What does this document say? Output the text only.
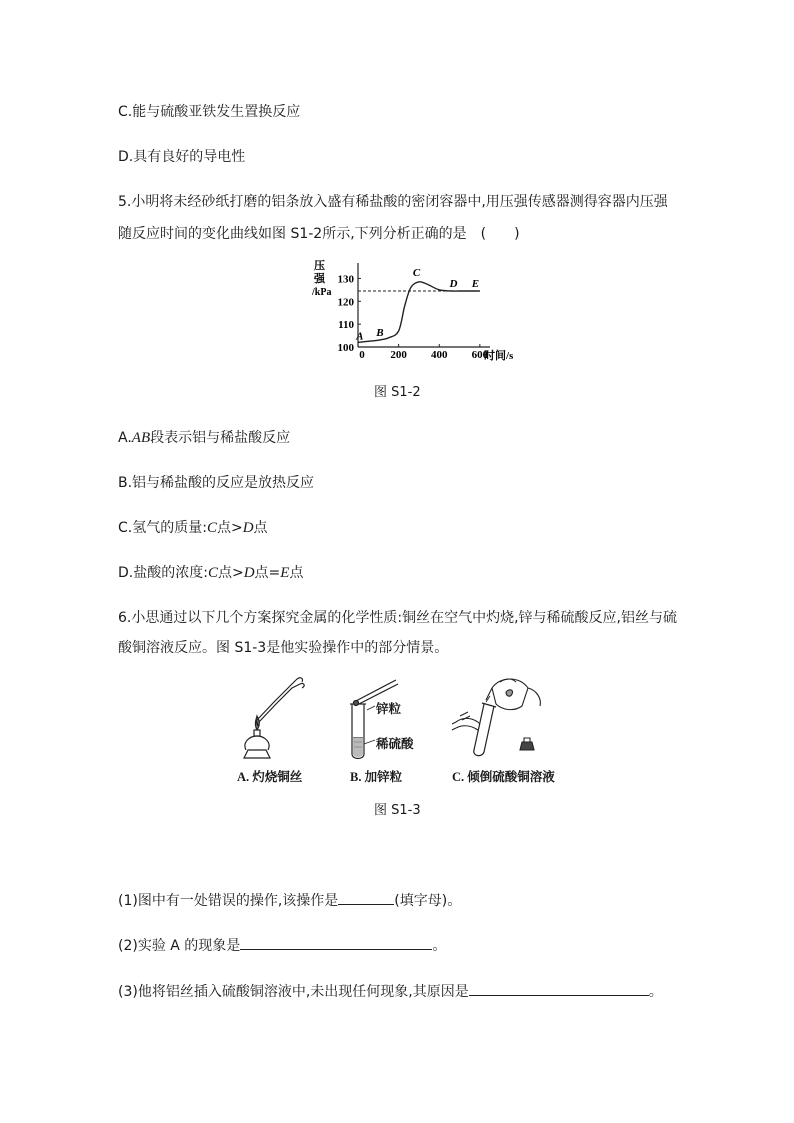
C.能与硫酸亚铁发生置换反应
D.具有良好的导电性
5.小明将未经砂纸打磨的铝条放入盛有稀盐酸的密闭容器中,用压强传感器测得容器内压强
随反应时间的变化曲线如图 S1-2所示,下列分析正确的是　(　　)
压
强
/kPa
100
110
120
130
0 200 400 600
时间/s
A B
C
D E
图 S1-2
A.AB段表示铝与稀盐酸反应
B.铝与稀盐酸的反应是放热反应
C.氢气的质量:C点>D点
D.盐酸的浓度:C点>D点=E点
6.小思通过以下几个方案探究金属的化学性质:铜丝在空气中灼烧,锌与稀硫酸反应,铝丝与硫
酸铜溶液反应。图 S1-3是他实验操作中的部分情景。
锌粒
稀硫酸
A. 灼烧铜丝	B. 加锌粒	C. 倾倒硫酸铜溶液
图 S1-3
(1)图中有一处错误的操作,该操作是	(填字母)。
(2)实验 A 的现象是	。
(3)他将铝丝插入硫酸铜溶液中,未出现任何现象,其原因是	。
